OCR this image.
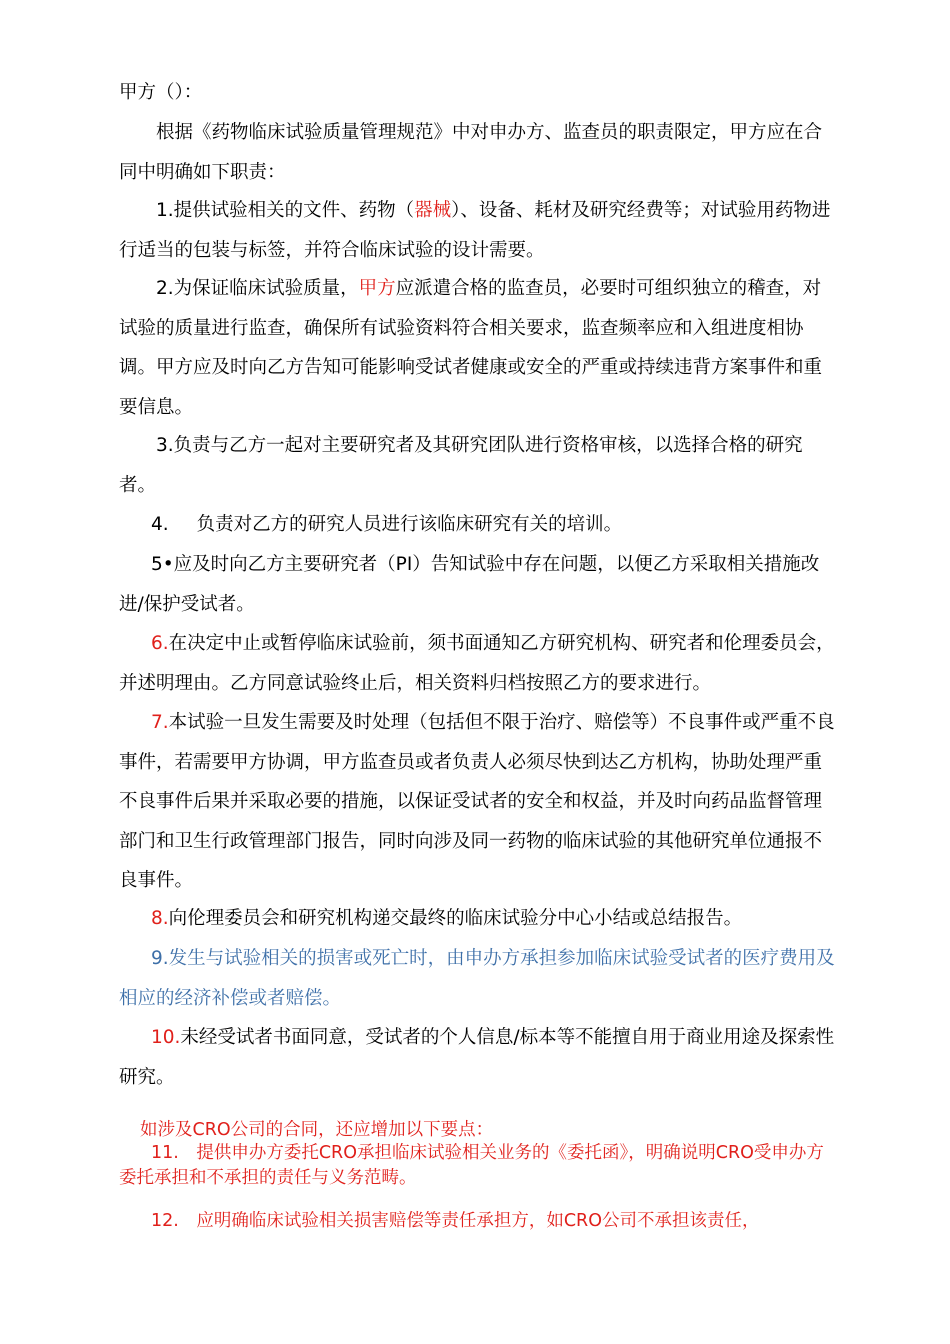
甲方（）：

根据《药物临床试验质量管理规范》中对申办方、监查员的职责限定，甲方应在合同中明确如下职责：

1.提供试验相关的文件、药物（器械）、设备、耗材及研究经费等；对试验用药物进行适当的包装与标签，并符合临床试验的设计需要。

2.为保证临床试验质量，甲方应派遣合格的监查员，必要时可组织独立的稽查，对试验的质量进行监查，确保所有试验资料符合相关要求，监查频率应和入组进度相协调。甲方应及时向乙方告知可能影响受试者健康或安全的严重或持续违背方案事件和重要信息。

3.负责与乙方一起对主要研究者及其研究团队进行资格审核，以选择合格的研究者。

4. 负责对乙方的研究人员进行该临床研究有关的培训。

5•应及时向乙方主要研究者（PI）告知试验中存在问题，以便乙方采取相关措施改进/保护受试者。

6.在决定中止或暂停临床试验前，须书面通知乙方研究机构、研究者和伦理委员会，并述明理由。乙方同意试验终止后，相关资料归档按照乙方的要求进行。

7.本试验一旦发生需要及时处理（包括但不限于治疗、赔偿等）不良事件或严重不良事件，若需要甲方协调，甲方监查员或者负责人必须尽快到达乙方机构，协助处理严重不良事件后果并采取必要的措施，以保证受试者的安全和权益，并及时向药品监督管理部门和卫生行政管理部门报告，同时向涉及同一药物的临床试验的其他研究单位通报不良事件。

8.向伦理委员会和研究机构递交最终的临床试验分中心小结或总结报告。

9.发生与试验相关的损害或死亡时，由申办方承担参加临床试验受试者的医疗费用及相应的经济补偿或者赔偿。

10.未经受试者书面同意，受试者的个人信息/标本等不能擅自用于商业用途及探索性研究。

如涉及CRO公司的合同，还应增加以下要点：

11.　提供申办方委托CRO承担临床试验相关业务的《委托函》，明确说明CRO受申办方委托承担和不承担的责任与义务范畴。

12.　应明确临床试验相关损害赔偿等责任承担方，如CRO公司不承担该责任，
